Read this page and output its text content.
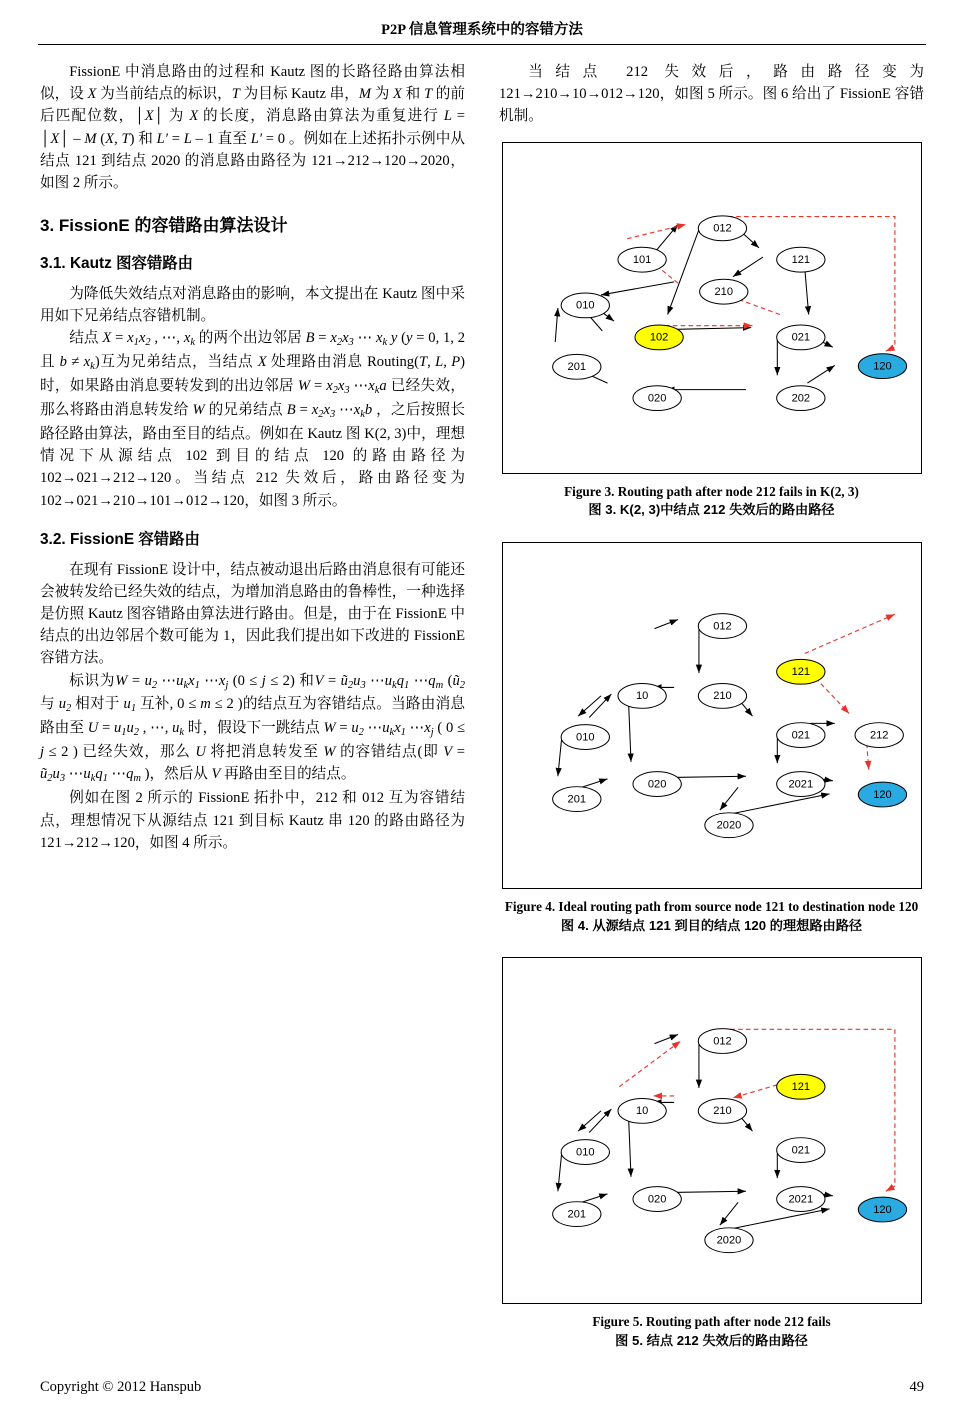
P2P 信息管理系统中的容错方法

FissionE 中消息路由的过程和 Kautz 图的长路径路由算法相似，设 X 为当前结点的标识，T 为目标 Kautz 串，M 为 X 和 T 的前后匹配位数，│X│ 为 X 的长度，消息路由算法为重复进行 L = │X│ – M (X, T) 和 L′ = L – 1 直至 L′ = 0 。例如在上述拓扑示例中从结点 121 到结点 2020 的消息路由路径为 121→212→120→2020，如图 2 所示。

3. FissionE 的容错路由算法设计
3.1. Kautz 图容错路由

为降低失效结点对消息路由的影响，本文提出在 Kautz 图中采用如下兄弟结点容错机制。

结点 $X = x_1x_2$ , ⋯, $x_k$ 的两个出边邻居 $B = x_2x_3$ ⋯ $x_k$ y (y = 0, 1, 2 且 $b \ne x_k$)互为兄弟结点，当结点 X 处理路由消息 Routing(T, L, P)时，如果路由消息要转发到的出边邻居 $W = x_2x_3$ $\cdots x_ka$ 已经失效，那么将路由消息转发给 W 的兄弟结点 $B = x_2x_3$ $\cdots x_kb$ ，之后按照长路径路由算法，路由至目的结点。例如在 Kautz 图 K(2, 3)中，理想情况下从源结点 102 到目的结点 120 的路由路径为 102→021→212→120。当结点 212 失效后，路由路径变为 102→021→210→101→012→120，如图 3 所示。

3.2. FissionE 容错路由

在现有 FissionE 设计中，结点被动退出后路由消息很有可能还会被转发给已经失效的结点，为增加消息路由的鲁棒性，一种选择是仿照 Kautz 图容错路由算法进行路由。但是，由于在 FissionE 中结点的出边邻居个数可能为 1，因此我们提出如下改进的 FissionE 容错方法。

标识为$W = u_2$ $\cdots u_kx_1$ $\cdots x_j$ (0 ≤ j ≤ 2) 和$V = ũ_2u_3$ $\cdots u_kq_1$ $\cdots q_m$ ($ũ_2$ 与 $u_2$ 相对于 $u_1$ 互补, 0 ≤ m ≤ 2 )的结点互为容错结点。当路由消息路由至 $U = u_1u_2$ , ⋯, $u_k$ 时，假设下一跳结点 $W = u_2$ $\cdots u_kx_1$ $\cdots x_j$ ( 0 ≤ j ≤ 2 ) 已经失效，那么 U 将把消息转发至 W 的容错结点(即 $V = ũ_2u_3$ $\cdots u_kq_1$ $\cdots q_m$ )，然后从 V 再路由至目的结点。

例如在图 2 所示的 FissionE 拓扑中，212 和 012 互为容错结点，理想情况下从源结点 121 到目标 Kautz 串 120 的路由路径为 121→212→120，如图 4 所示。

当结点 212 失效后，路由路径变为 121→210→10→012→120，如图 5 所示。图 6 给出了 FissionE 容错机制。

012
101	121
210
010
102	021
201	120
020	202
Figure 3. Routing path after node 212 fails in K(2, 3)
图 3. K(2, 3)中结点 212 失效后的路由路径
012
121
10	210
010	021	212
020	2021
201	120
2020
Figure 4. Ideal routing path from source node 121 to destination node 120
图 4. 从源结点 121 到目的结点 120 的理想路由路径
012
121
10	210
010	021
020	2021
201	120
2020
Figure 5. Routing path after node 212 fails
图 5. 结点 212 失效后的路由路径
Copyright © 2012 Hanspub	49
